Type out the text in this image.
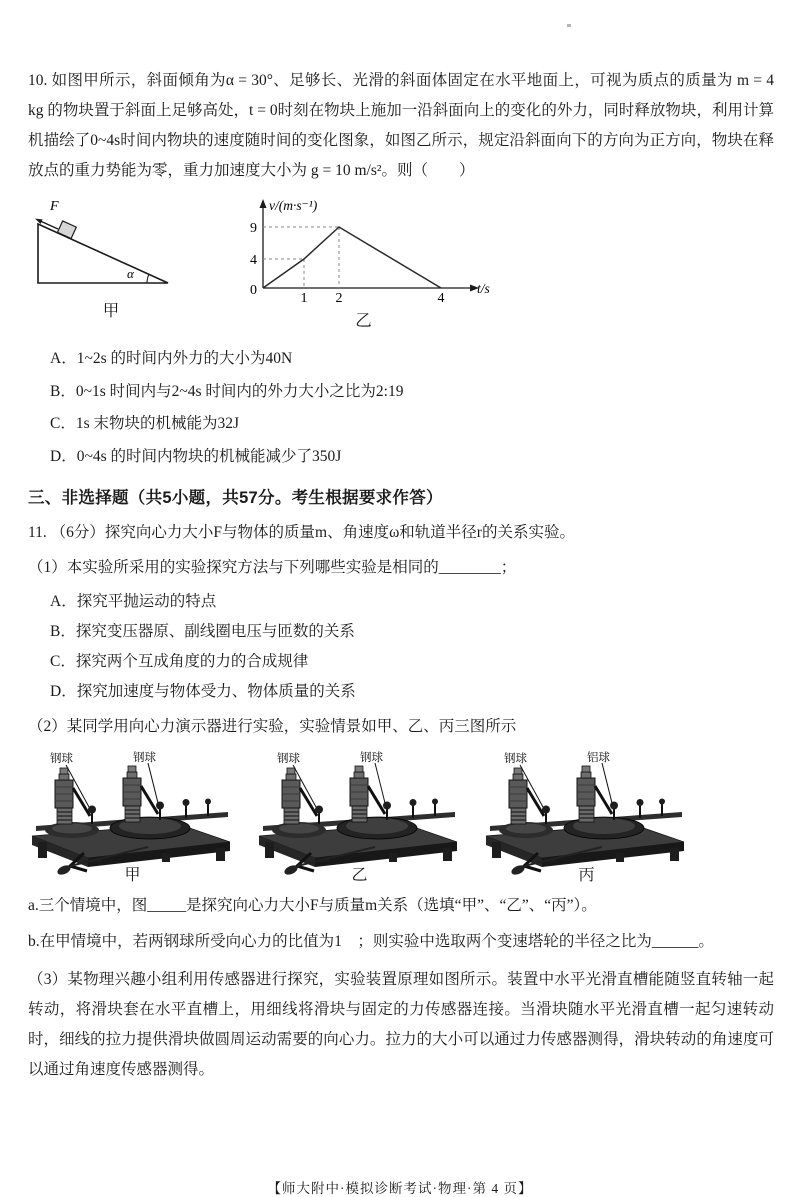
10. 如图甲所示，斜面倾角为α = 30°、足够长、光滑的斜面体固定在水平地面上，可视为质点的质量为 m = 4 kg 的物块置于斜面上足够高处，t = 0时刻在物块上施加一沿斜面向上的变化的外力，同时释放物块，利用计算机描绘了0~4s时间内物块的速度随时间的变化图象，如图乙所示，规定沿斜面向下的方向为正方向，物块在释放点的重力势能为零，重力加速度大小为 g = 10 m/s²。则（　　）

F
α
甲
9
4
0
1 2	4
v/(m·s⁻¹)
t/s
乙
A．1~2s 的时间内外力的大小为40N
B．0~1s 时间内与2~4s 时间内的外力大小之比为2:19
C．1s 末物块的机械能为32J
D．0~4s 的时间内物块的机械能减少了350J
三、非选择题（共5小题，共57分。考生根据要求作答）

11. （6分）探究向心力大小F与物体的质量m、角速度ω和轨道半径r的关系实验。

（1）本实验所采用的实验探究方法与下列哪些实验是相同的________；

A．探究平抛运动的特点
B．探究变压器原、副线圈电压与匝数的关系
C．探究两个互成角度的力的合成规律
D．探究加速度与物体受力、物体质量的关系

（2）某同学用向心力演示器进行实验，实验情景如甲、乙、丙三图所示

钢球	钢球
甲
钢球	钢球
乙
钢球	铝球
丙

a.三个情境中，图_____是探究向心力大小F与质量m关系（选填“甲”、“乙”、“丙”）。

b.在甲情境中，若两钢球所受向心力的比值为1　；则实验中选取两个变速塔轮的半径之比为______。

（3）某物理兴趣小组利用传感器进行探究，实验装置原理如图所示。装置中水平光滑直槽能随竖直转轴一起转动，将滑块套在水平直槽上，用细线将滑块与固定的力传感器连接。当滑块随水平光滑直槽一起匀速转动时，细线的拉力提供滑块做圆周运动需要的向心力。拉力的大小可以通过力传感器测得，滑块转动的角速度可以通过角速度传感器测得。

【师大附中·模拟诊断考试·物理·第 4 页】
